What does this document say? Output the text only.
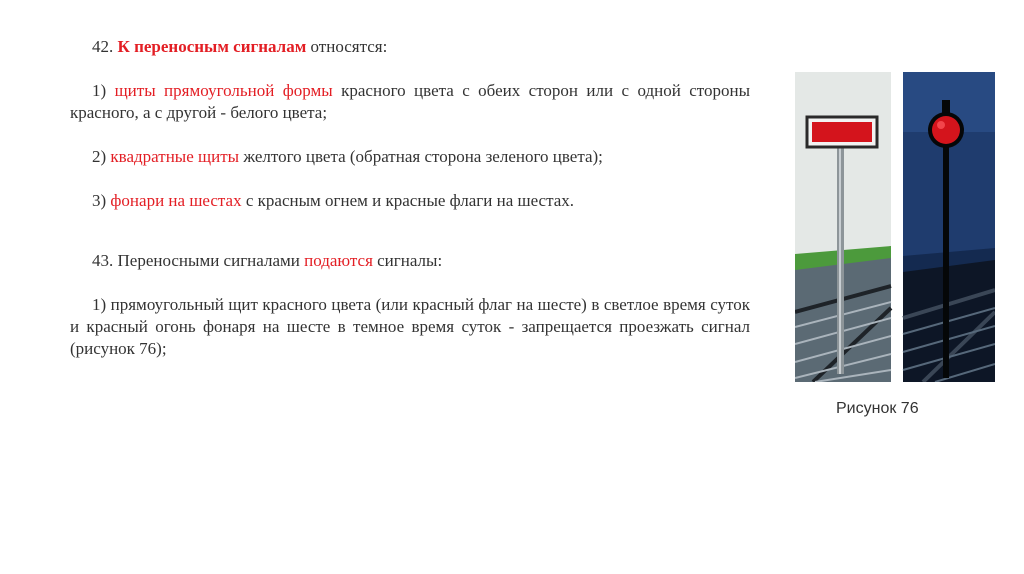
42. К переносным сигналам относятся:

1) щиты прямоугольной формы красного цвета с обеих сторон или с одной стороны красного, а с другой - белого цвета;

2) квадратные щиты желтого цвета (обратная сторона зеленого цвета);

3) фонари на шестах с красным огнем и красные флаги на шестах.

43. Переносными сигналами подаются сигналы:

1) прямоугольный щит красного цвета (или красный флаг на шесте) в светлое время суток и красный огонь фонаря на шесте в темное время суток - запрещается проезжать сигнал (рисунок 76);

Рисунок 76
